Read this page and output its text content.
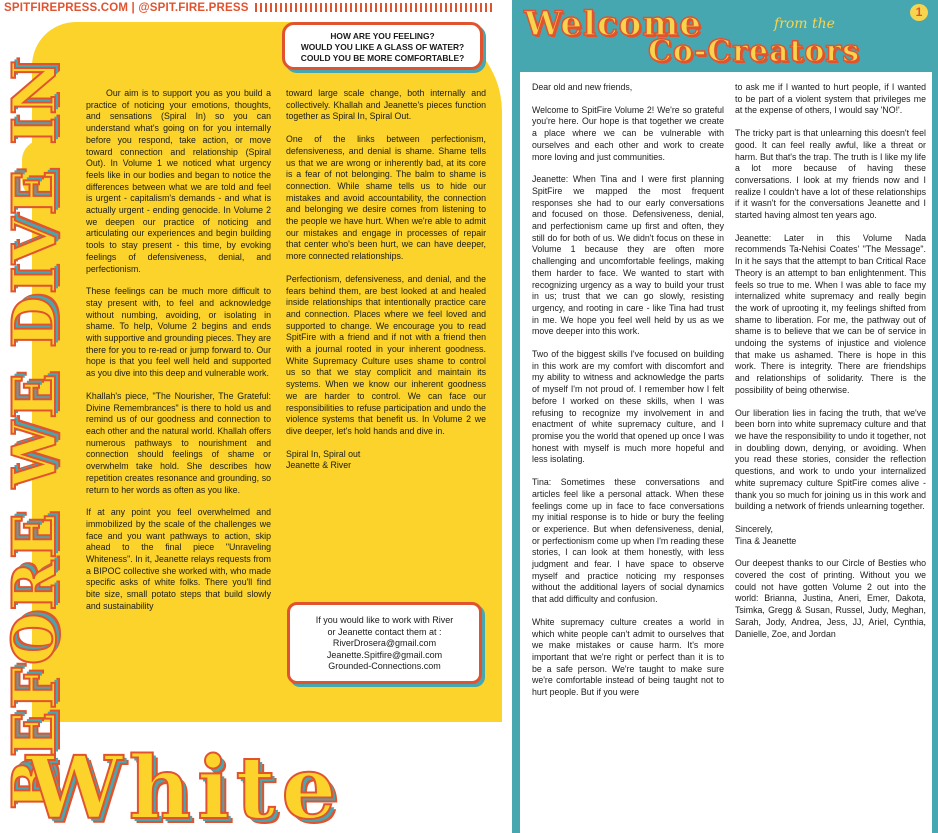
SPITFIREPRESS.COM | @SPIT.FIRE.PRESS
BEFORE WE DIVE IN
HOW ARE YOU FEELING?
WOULD YOU LIKE A GLASS OF WATER?
COULD YOU BE MORE COMFORTABLE?

Our aim is to support you as you build a practice of noticing your emotions, thoughts, and sensations (Spiral In) so you can understand what's going on for you internally before you respond, take action, or move toward connection and relationship (Spiral Out). In Volume 1 we noticed what urgency feels like in our bodies and began to notice the differences between what we are told and feel is urgent - capitalism's demands - and what is actually urgent - ending genocide. In Volume 2 we deepen our practice of noticing and articulating our experiences and begin building tools to stay present - this time, by evoking feelings of defensiveness, denial, and perfectionism.

These feelings can be much more difficult to stay present with, to feel and acknowledge without numbing, avoiding, or isolating in shame. To help, Volume 2 begins and ends with supportive and grounding pieces. They are there for you to re-read or jump forward to. Our hope is that you feel well held and supported as you dive into this deep and vulnerable work.

Khallah's piece, "The Nourisher, The Grateful: Divine Remembrances" is there to hold us and remind us of our goodness and connection to each other and the natural world. Khallah offers numerous pathways to nourishment and connection should feelings of shame or overwhelm take hold. She describes how repetition creates resonance and grounding, so return to her words as often as you like.

If at any point you feel overwhelmed and immobilized by the scale of the challenges we face and you want pathways to action, skip ahead to the final piece "Unraveling Whiteness". In it, Jeanette relays requests from a BIPOC collective she worked with, who made specific asks of white folks. There you'll find bite size, small potato steps that build slowly and sustainability

toward large scale change, both internally and collectively. Khallah and Jeanette's pieces function together as Spiral In, Spiral Out.

One of the links between perfectionism, defensiveness, and denial is shame. Shame tells us that we are wrong or inherently bad, at its core is a fear of not belonging. The balm to shame is connection. While shame tells us to hide our mistakes and avoid accountability, the connection and belonging we desire comes from listening to the people we have hurt. When we're able to admit our mistakes and engage in processes of repair that center who's been hurt, we can have deeper, more connected relationships.

Perfectionism, defensiveness, and denial, and the fears behind them, are best looked at and healed inside relationships that intentionally practice care and connection. Places where we feel loved and supported to change. We encourage you to read SpitFire with a friend and if not with a friend then with a journal rooted in your inherent goodness. White Supremacy Culture uses shame to control us so that we stay complicit and maintain its systems. When we know our inherent goodness we are harder to control. We can face our responsibilities to refuse participation and undo the violence systems that benefit us. In Volume 2 we dive deeper, let's hold hands and dive in.

Spiral In, Spiral out
Jeanette & River

If you would like to work with River
or Jeanette contact them at :
RiverDrosera@gmail.com
Jeanette.Spitfire@gmail.com
Grounded-Connections.com
White
Welcome	from the
Co-Creators
1

Dear old and new friends,

Welcome to SpitFire Volume 2! We're so grateful you're here. Our hope is that together we create a place where we can be vulnerable with ourselves and each other and work to create more loving and just communities.

Jeanette: When Tina and I were first planning SpitFire we mapped the most frequent responses she had to our early conversations and focused on those. Defensiveness, denial, and perfectionism came up first and often, they still do for both of us. We didn't focus on these in Volume 1 because they are often more challenging and uncomfortable feelings, making them harder to face. We wanted to start with recognizing urgency as a way to build your trust in us; trust that we can go slowly, resisting urgency, and rooting in care - like Tina had trust in me. We hope you feel well held by us as we move deeper into this work.

Two of the biggest skills I've focused on building in this work are my comfort with discomfort and my ability to witness and acknowledge the parts of myself I'm not proud of. I remember how I felt before I worked on these skills, when I was refusing to recognize my involvement in and enactment of white supremacy culture, and I promise you the world that opened up once I was honest with myself is much more hopeful and less isolating.

Tina: Sometimes these conversations and articles feel like a personal attack. When these feelings come up in face to face conversations my initial response is to hide or bury the feeling or experience. But when defensiveness, denial, or perfectionism come up when I'm reading these stories, I can look at them honestly, with less judgment and fear. I have space to observe myself and practice noticing my responses without the additional layers of social dynamics that add difficulty and confusion.

White supremacy culture creates a world in which white people can't admit to ourselves that we make mistakes or cause harm. It's more important that we're right or perfect than it is to be a safe person. We're taught to make sure we're comfortable instead of being taught not to hurt people. But if you were

to ask me if I wanted to hurt people, if I wanted to be part of a violent system that privileges me at the expense of others, I would say 'NO!'.

The tricky part is that unlearning this doesn't feel good. It can feel really awful, like a threat or harm. But that's the trap. The truth is I like my life a lot more because of having these conversations. I look at my friends now and I realize I couldn't have a lot of these relationships if it wasn't for the conversations Jeanette and I started having almost ten years ago.

Jeanette: Later in this Volume Nada recommends Ta-Nehisi Coates' "The Message". In it he says that the attempt to ban Critical Race Theory is an attempt to ban enlightenment. This feels so true to me. When I was able to face my internalized white supremacy and really begin the work of uprooting it, my feelings shifted from shame to liberation. For me, the pathway out of shame is to believe that we can be of service in undoing the systems of injustice and violence that make us ashamed. There is hope in this work. There is integrity. There are friendships and relationships of solidarity. There is the possibility of being otherwise.

Our liberation lies in facing the truth, that we've been born into white supremacy culture and that we have the responsibility to undo it together, not in doubling down, denying, or avoiding. When you read these stories, consider the reflection questions, and work to undo your internalized white supremacy culture SpitFire comes alive - thank you so much for joining us in this work and building a network of friends unlearning together.

Sincerely,
Tina & Jeanette

Our deepest thanks to our Circle of Besties who covered the cost of printing. Without you we could not have gotten Volume 2 out into the world: Brianna, Justina, Aneri, Emer, Dakota, Tsimka, Gregg & Susan, Russel, Judy, Meghan, Sarah, Jody, Andrea, Jess, JJ, Ariel, Cynthia, Danielle, Zoe, and Jordan
